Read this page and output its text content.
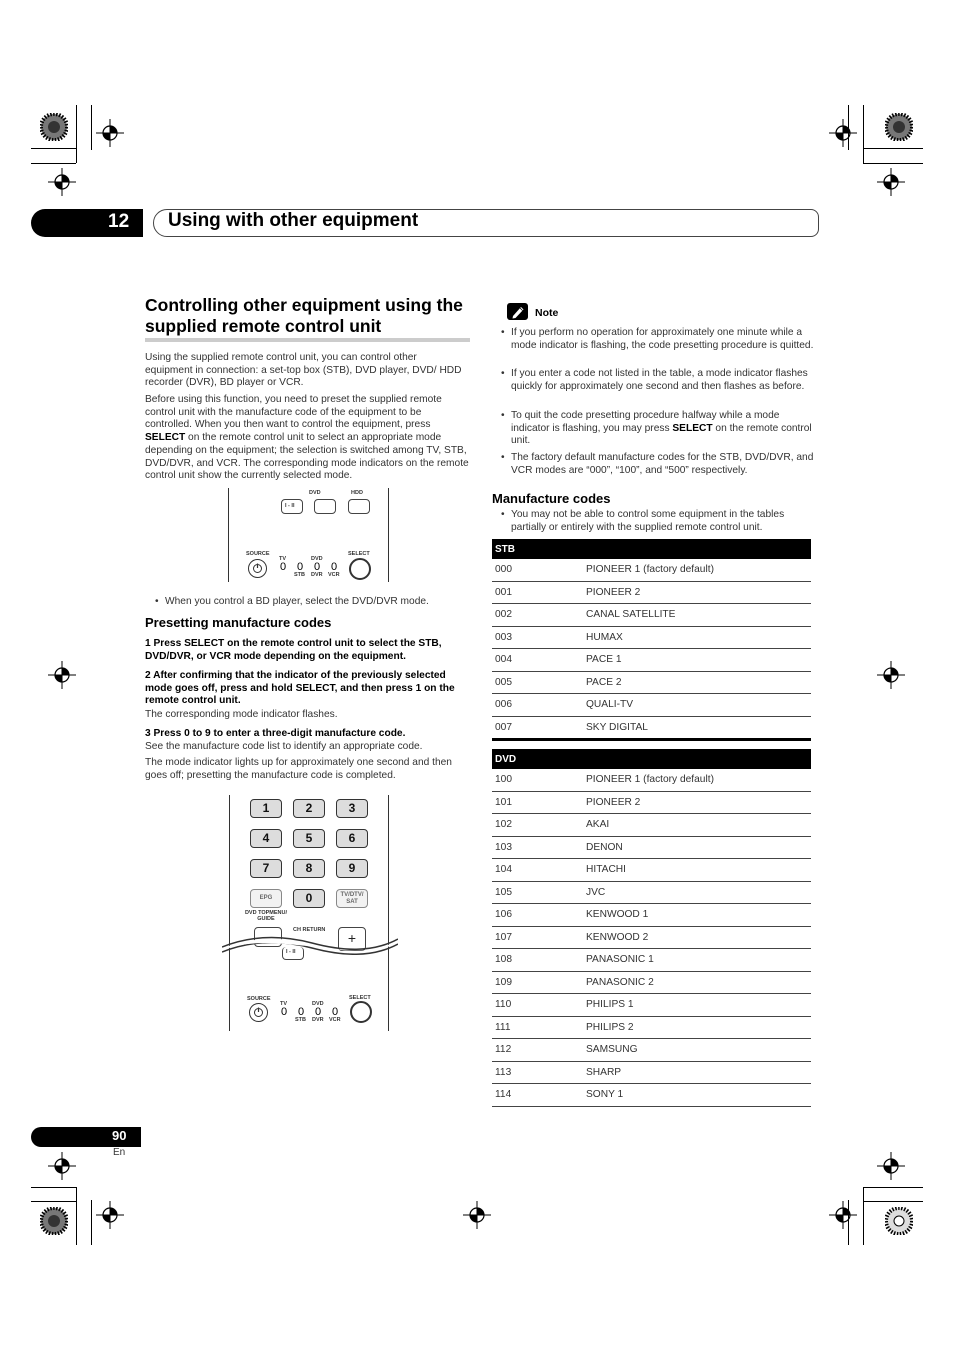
12 Using with other equipment
Controlling other equipment using the supplied remote control unit
Using the supplied remote control unit, you can control other equipment in connection: a set-top box (STB), DVD player, DVD/ HDD recorder (DVR), BD player or VCR.
Before using this function, you need to preset the supplied remote control unit with the manufacture code of the equipment to be controlled. When you then want to control the equipment, press SELECT on the remote control unit to select an appropriate mode depending on the equipment; the selection is switched among TV, STB, DVD/DVR, and VCR. The corresponding mode indicators on the remote control unit show the currently selected mode.
DVD	HDD
I - II
SOURCE
TV	DVD
0 0 0 0
STB DVR VCR
SELECT
• When you control a BD player, select the DVD/DVR mode.
Presetting manufacture codes
1 Press SELECT on the remote control unit to select the STB, DVD/DVR, or VCR mode depending on the equipment.
2 After confirming that the indicator of the previously selected mode goes off, press and hold SELECT, and then press 1 on the remote control unit.
The corresponding mode indicator flashes.
3 Press 0 to 9 to enter a three-digit manufacture code.
See the manufacture code list to identify an appropriate code.
The mode indicator lights up for approximately one second and then goes off; presetting the manufacture code is completed.
1	2	3
4	5	6
7	8	9
EPG	0	TV/DTV/ SAT
DVD TOPMENU/ GUIDE
CH RETURN	+
I - II
SOURCE
TV	DVD
0 0 0 0
STB DVR VCR
SELECT
Note
• If you perform no operation for approximately one minute while a mode indicator is flashing, the code presetting procedure is quitted.
• If you enter a code not listed in the table, a mode indicator flashes quickly for approximately one second and then flashes as before.
• To quit the code presetting procedure halfway while a mode indicator is flashing, you may press SELECT on the remote control unit.
• The factory default manufacture codes for the STB, DVD/DVR, and VCR modes are “000”, “100”, and “500” respectively.
Manufacture codes
• You may not be able to control some equipment in the tables partially or entirely with the supplied remote control unit.
STB	
000	PIONEER 1 (factory default)
001	PIONEER 2
002	CANAL SATELLITE
003	HUMAX
004	PACE 1
005	PACE 2
006	QUALI-TV
007	SKY DIGITAL
DVD	
100	PIONEER 1 (factory default)
101	PIONEER 2
102	AKAI
103	DENON
104	HITACHI
105	JVC
106	KENWOOD 1
107	KENWOOD 2
108	PANASONIC 1
109	PANASONIC 2
110	PHILIPS 1
111	PHILIPS 2
112	SAMSUNG
113	SHARP
114	SONY 1
90
En
